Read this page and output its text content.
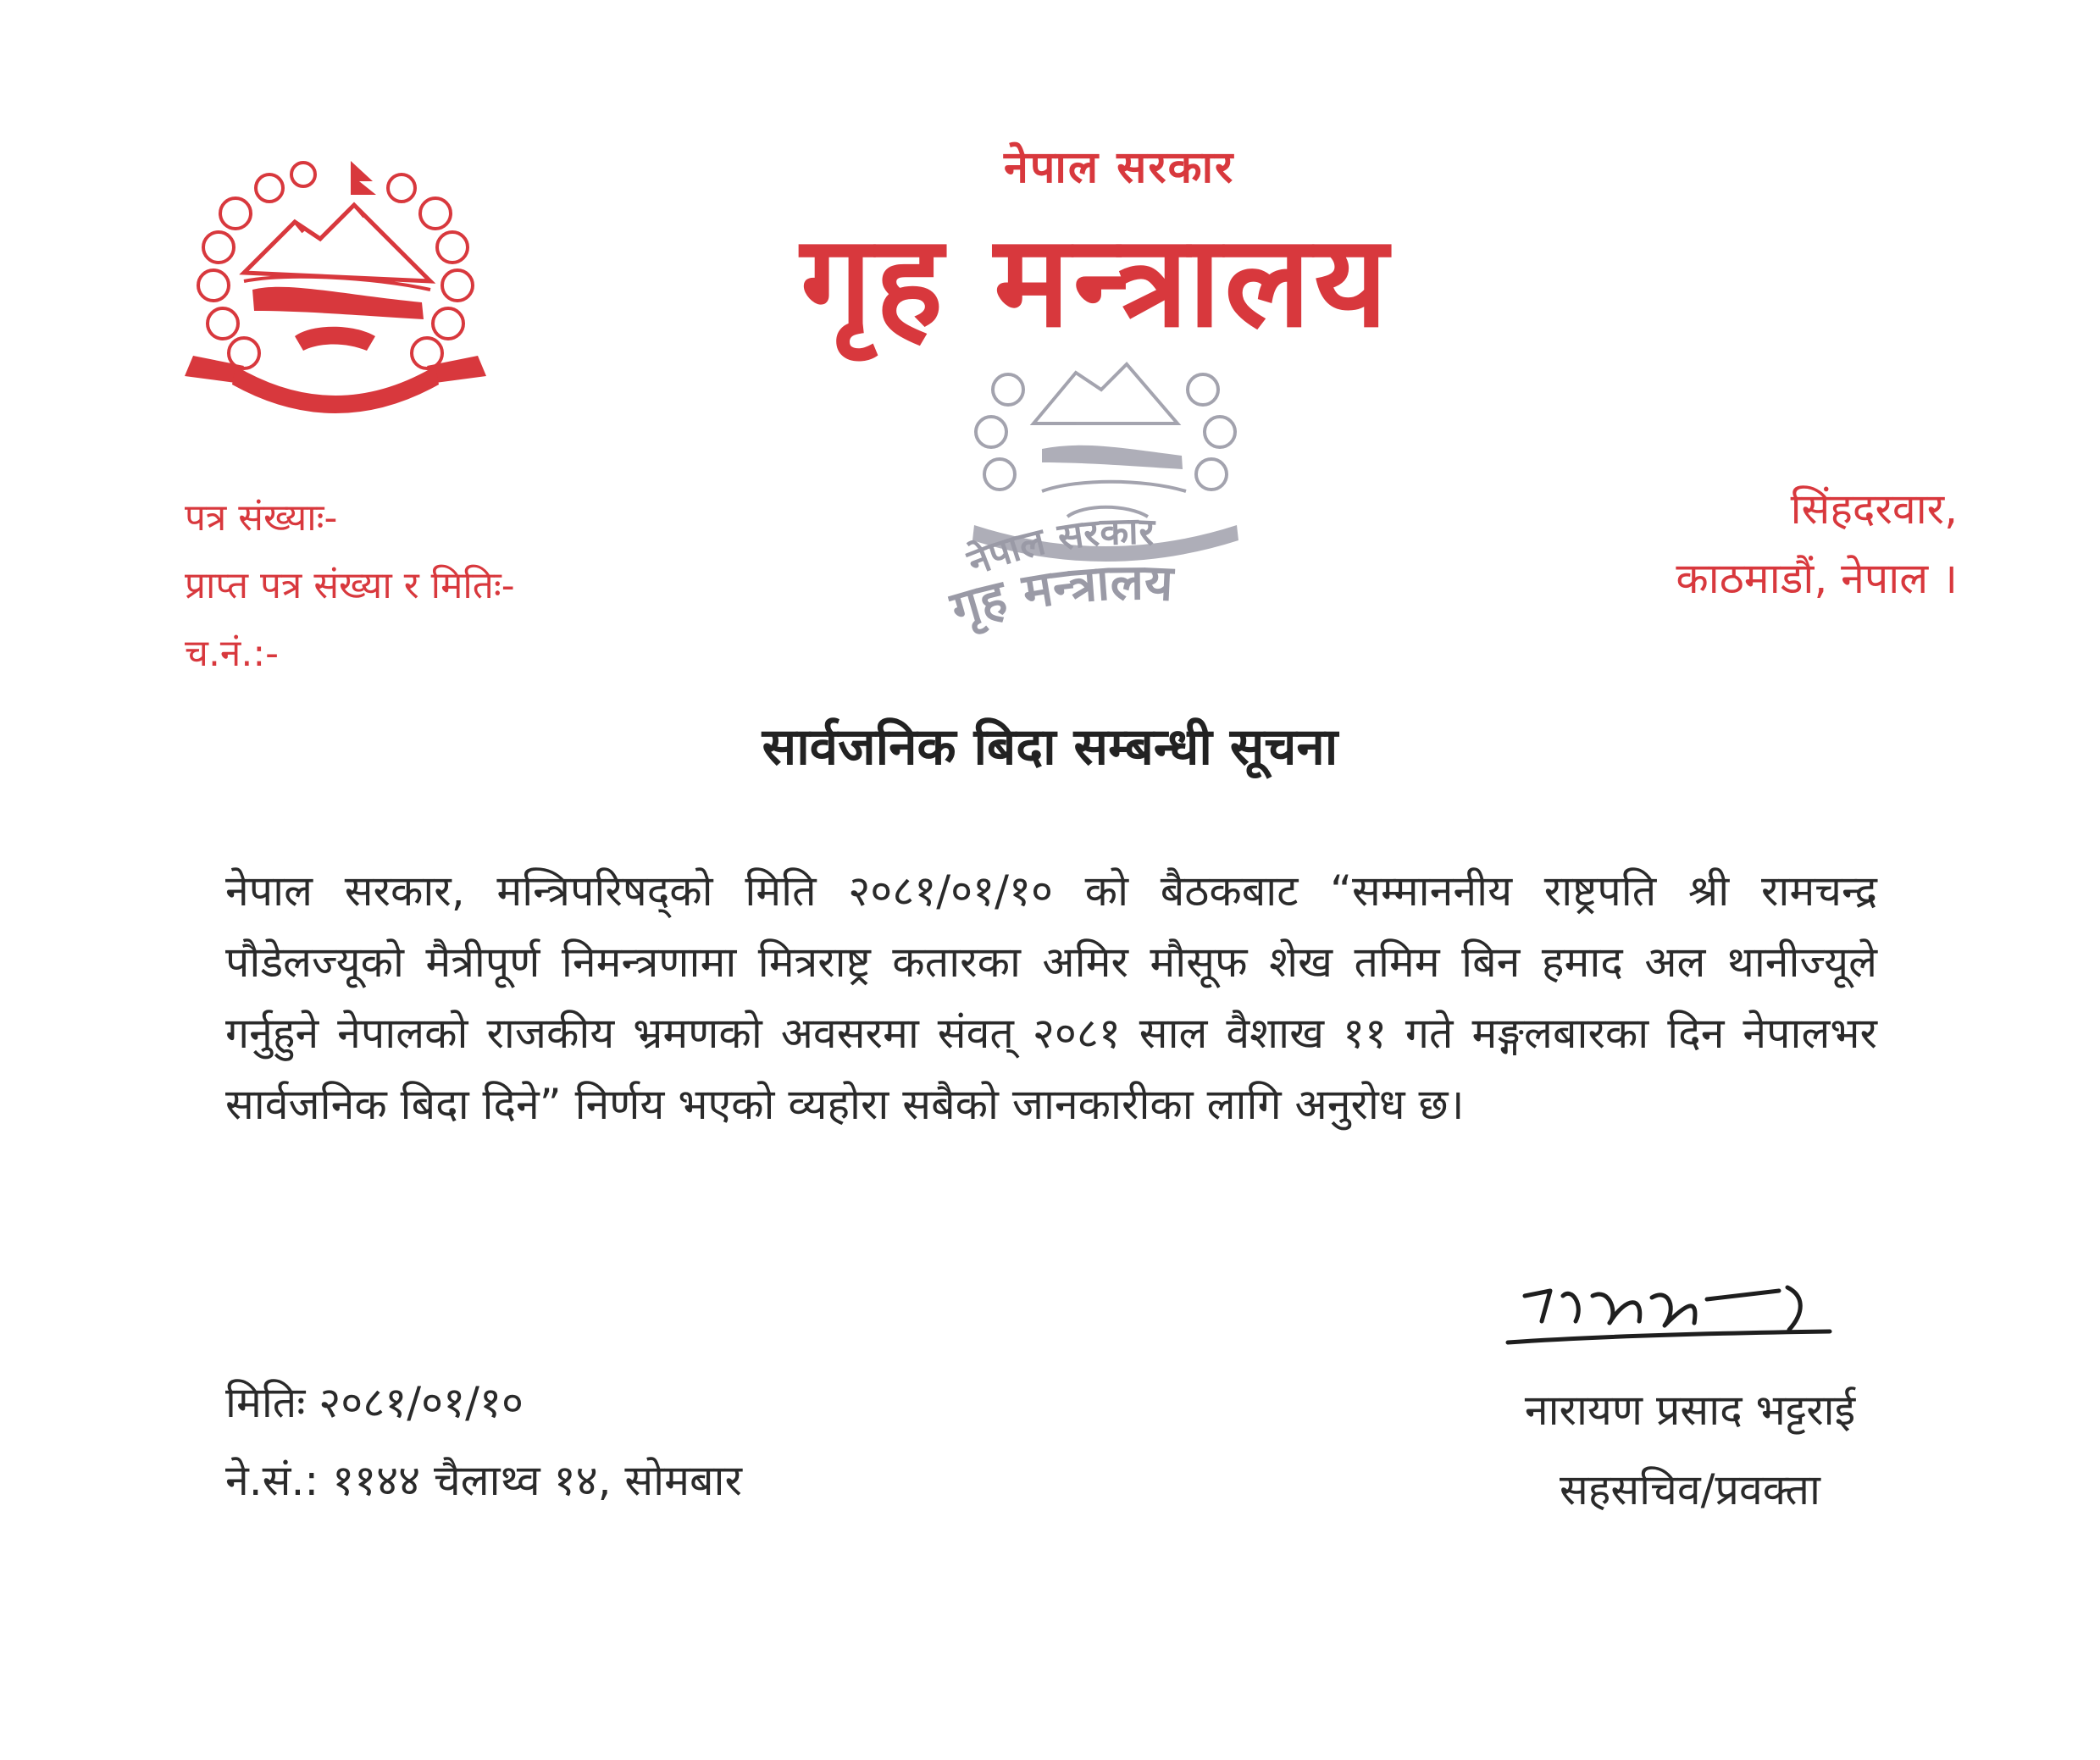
नेपाल सरकार
गृह मन्त्रालय
पत्र संख्याः-
प्राप्त पत्र संख्या र मितिः-
च.नं.:-
सिंहदरवार,
काठमाडौं, नेपाल ।
नेपाल सरकार
गृह मन्त्रालय
सार्वजनिक बिदा सम्बन्धी सूचना
नेपाल सरकार, मन्त्रिपरिषद्को मिति २०८१/०१/१० को बैठकबाट “सम्माननीय राष्ट्रपति श्री रामचन्द्र पौडेलज्यूको मैत्रीपूर्ण निमन्त्रणामा मित्रराष्ट्र कतारका अमिर मौसूफ शेख तमिम बिन हमाद अल थानीज्यूले गर्नुहुने नेपालको राजकीय भ्रमणको अवसरमा संवत् २०८१ साल वैशाख ११ गते मङ्गलबारका दिन नेपालभर सार्वजनिक बिदा दिने” निर्णय भएको व्यहोरा सबैको जानकारीका लागि अनुरोध छ।
मितिः २०८१/०१/१०
ने.सं.: ११४४ चैलाथ्व १४, सोमबार
नारायण प्रसाद भट्टराई
सहसचिव/प्रवक्ता
